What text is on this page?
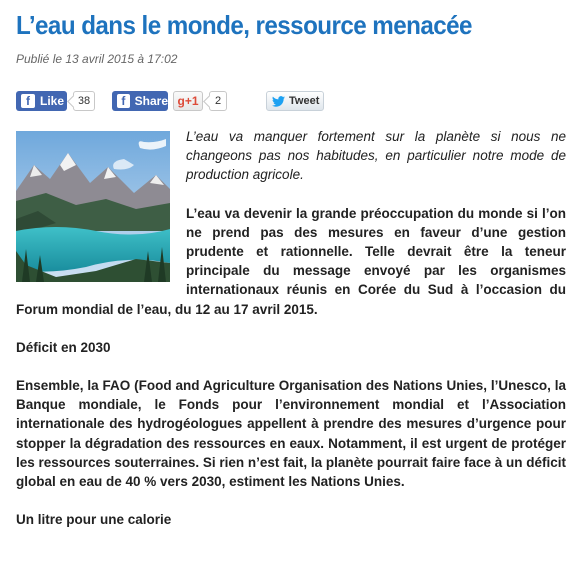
L’eau dans le monde, ressource menacée
Publié le 13 avril 2015 à 17:02
f Like	38	f Share g+1	2	Tweet

L’eau va manquer fortement sur la planète si nous ne changeons pas nos habitudes, en particulier notre mode de production agricole.

L’eau va devenir la grande préoccupation du monde si l’on ne prend pas des mesures en faveur d’une gestion prudente et rationnelle. Telle devrait être la teneur principale du message envoyé par les organismes internationaux réunis en Corée du Sud à l’occasion du Forum mondial de l’eau, du 12 au 17 avril 2015.

Déficit en 2030

Ensemble, la FAO (Food and Agriculture Organisation des Nations Unies, l’Unesco, la Banque mondiale, le Fonds pour l’environnement mondial et l’Association internationale des hydrogéologues appellent à prendre des mesures d’urgence pour stopper la dégradation des ressources en eaux. Notamment, il est urgent de protéger les ressources souterraines. Si rien n’est fait, la planète pourrait faire face à un déficit global en eau de 40 % vers 2030, estiment les Nations Unies.

Un litre pour une calorie
